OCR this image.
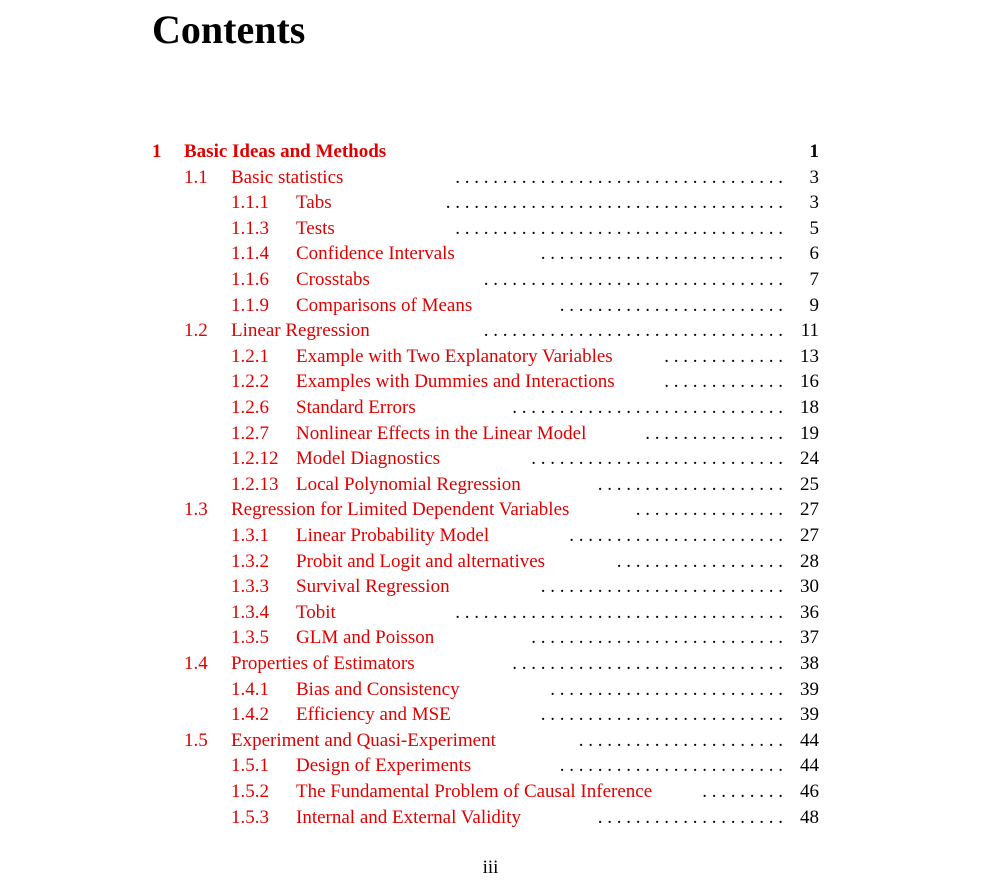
Contents
1 Basic Ideas and Methods	1
1.1 Basic statistics	. . . . . . . . . . . . . . . . . . . . . . . . . . . . . . . . . . . 3
1.1.1 Tabs	. . . . . . . . . . . . . . . . . . . . . . . . . . . . . . . . . . . . 3
1.1.3 Tests	. . . . . . . . . . . . . . . . . . . . . . . . . . . . . . . . . . . 5
1.1.4 Confidence Intervals	. . . . . . . . . . . . . . . . . . . . . . . . . . 6
1.1.6 Crosstabs	. . . . . . . . . . . . . . . . . . . . . . . . . . . . . . . . 7
1.1.9 Comparisons of Means	. . . . . . . . . . . . . . . . . . . . . . . . 9
1.2 Linear Regression	. . . . . . . . . . . . . . . . . . . . . . . . . . . . . . . . 11
1.2.1 Example with Two Explanatory Variables	. . . . . . . . . . . . . 13
1.2.2 Examples with Dummies and Interactions	. . . . . . . . . . . . . 16
1.2.6 Standard Errors	. . . . . . . . . . . . . . . . . . . . . . . . . . . . . 18
1.2.7 Nonlinear Effects in the Linear Model	. . . . . . . . . . . . . . . 19
1.2.12 Model Diagnostics	. . . . . . . . . . . . . . . . . . . . . . . . . . . 24
1.2.13 Local Polynomial Regression	. . . . . . . . . . . . . . . . . . . . 25
1.3 Regression for Limited Dependent Variables	. . . . . . . . . . . . . . . . 27
1.3.1 Linear Probability Model	. . . . . . . . . . . . . . . . . . . . . . . 27
1.3.2 Probit and Logit and alternatives	. . . . . . . . . . . . . . . . . . 28
1.3.3 Survival Regression	. . . . . . . . . . . . . . . . . . . . . . . . . . 30
1.3.4 Tobit	. . . . . . . . . . . . . . . . . . . . . . . . . . . . . . . . . . . 36
1.3.5 GLM and Poisson	. . . . . . . . . . . . . . . . . . . . . . . . . . . 37
1.4 Properties of Estimators	. . . . . . . . . . . . . . . . . . . . . . . . . . . . . 38
1.4.1 Bias and Consistency	. . . . . . . . . . . . . . . . . . . . . . . . . 39
1.4.2 Efficiency and MSE	. . . . . . . . . . . . . . . . . . . . . . . . . . 39
1.5 Experiment and Quasi-Experiment	. . . . . . . . . . . . . . . . . . . . . . 44
1.5.1 Design of Experiments	. . . . . . . . . . . . . . . . . . . . . . . . 44
1.5.2 The Fundamental Problem of Causal Inference	. . . . . . . . . 46
1.5.3 Internal and External Validity	. . . . . . . . . . . . . . . . . . . . 48
iii
